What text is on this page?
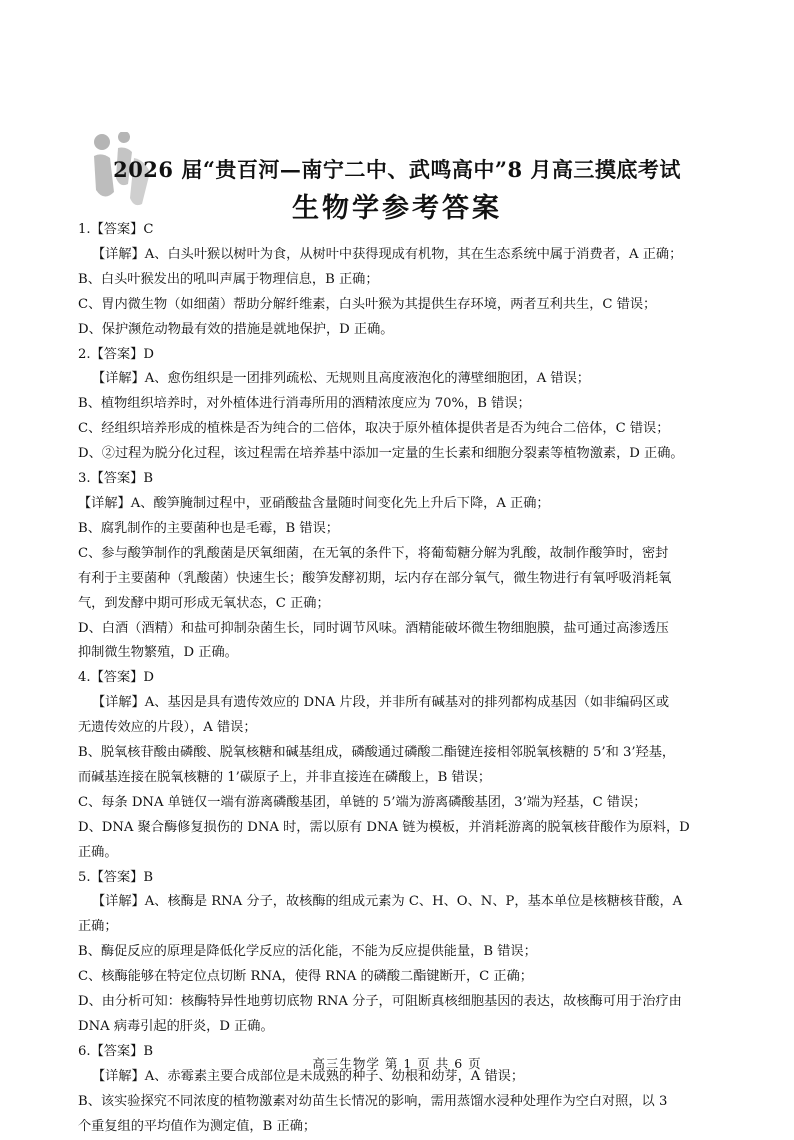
2026 届“贵百河—南宁二中、武鸣高中”8 月高三摸底考试
生物学参考答案

1.【答案】C

【详解】A、白头叶猴以树叶为食，从树叶中获得现成有机物，其在生态系统中属于消费者，A 正确；

B、白头叶猴发出的吼叫声属于物理信息，B 正确；

C、胃内微生物（如细菌）帮助分解纤维素，白头叶猴为其提供生存环境，两者互利共生，C 错误；

D、保护濒危动物最有效的措施是就地保护，D 正确。

2.【答案】D

【详解】A、愈伤组织是一团排列疏松、无规则且高度液泡化的薄壁细胞团，A 错误；

B、植物组织培养时，对外植体进行消毒所用的酒精浓度应为 70%，B 错误；

C、经组织培养形成的植株是否为纯合的二倍体，取决于原外植体提供者是否为纯合二倍体，C 错误；

D、②过程为脱分化过程，该过程需在培养基中添加一定量的生长素和细胞分裂素等植物激素，D 正确。

3.【答案】B

【详解】A、酸笋腌制过程中，亚硝酸盐含量随时间变化先上升后下降，A 正确；

B、腐乳制作的主要菌种也是毛霉，B 错误；

C、参与酸笋制作的乳酸菌是厌氧细菌，在无氧的条件下，将葡萄糖分解为乳酸，故制作酸笋时，密封

有利于主要菌种（乳酸菌）快速生长；酸笋发酵初期，坛内存在部分氧气，微生物进行有氧呼吸消耗氧

气，到发酵中期可形成无氧状态，C 正确；

D、白酒（酒精）和盐可抑制杂菌生长，同时调节风味。酒精能破坏微生物细胞膜，盐可通过高渗透压

抑制微生物繁殖，D 正确。

4.【答案】D

【详解】A、基因是具有遗传效应的 DNA 片段，并非所有碱基对的排列都构成基因（如非编码区或

无遗传效应的片段），A 错误；

B、脱氧核苷酸由磷酸、脱氧核糖和碱基组成，磷酸通过磷酸二酯键连接相邻脱氧核糖的 5’和 3’羟基，

而碱基连接在脱氧核糖的 1’碳原子上，并非直接连在磷酸上，B 错误；

C、每条 DNA 单链仅一端有游离磷酸基团，单链的 5’端为游离磷酸基团，3’端为羟基，C 错误；

D、DNA 聚合酶修复损伤的 DNA 时，需以原有 DNA 链为模板，并消耗游离的脱氧核苷酸作为原料，D

正确。

5.【答案】B

【详解】A、核酶是 RNA 分子，故核酶的组成元素为 C、H、O、N、P，基本单位是核糖核苷酸，A

正确；

B、酶促反应的原理是降低化学反应的活化能，不能为反应提供能量，B 错误；

C、核酶能够在特定位点切断 RNA，使得 RNA 的磷酸二酯键断开，C 正确；

D、由分析可知：核酶特异性地剪切底物 RNA 分子，可阻断真核细胞基因的表达，故核酶可用于治疗由

DNA 病毒引起的肝炎，D 正确。

6.【答案】B

【详解】A、赤霉素主要合成部位是未成熟的种子、幼根和幼芽，A 错误；

B、该实验探究不同浓度的植物激素对幼苗生长情况的影响，需用蒸馏水浸种处理作为空白对照，以 3

个重复组的平均值作为测定值，B 正确；

高三生物学 第 1 页 共 6 页
